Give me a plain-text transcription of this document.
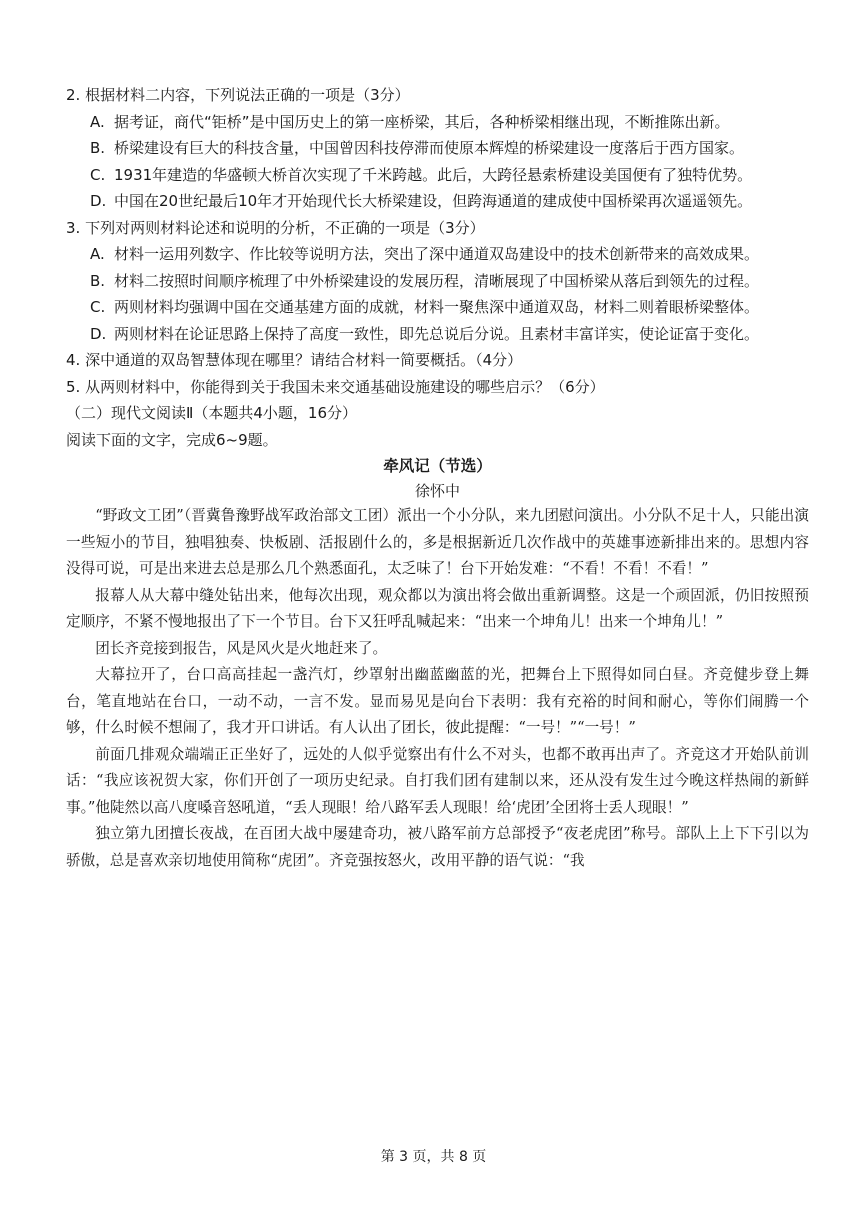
2. 根据材料二内容，下列说法正确的一项是（3分）

A. 据考证，商代“钜桥”是中国历史上的第一座桥梁，其后，各种桥梁相继出现，不断推陈出新。

B. 桥梁建设有巨大的科技含量，中国曾因科技停滞而使原本辉煌的桥梁建设一度落后于西方国家。

C. 1931年建造的华盛顿大桥首次实现了千米跨越。此后，大跨径悬索桥建设美国便有了独特优势。

D. 中国在20世纪最后10年才开始现代长大桥梁建设，但跨海通道的建成使中国桥梁再次遥遥领先。

3. 下列对两则材料论述和说明的分析，不正确的一项是（3分）

A. 材料一运用列数字、作比较等说明方法，突出了深中通道双岛建设中的技术创新带来的高效成果。

B. 材料二按照时间顺序梳理了中外桥梁建设的发展历程，清晰展现了中国桥梁从落后到领先的过程。

C. 两则材料均强调中国在交通基建方面的成就，材料一聚焦深中通道双岛，材料二则着眼桥梁整体。

D. 两则材料在论证思路上保持了高度一致性，即先总说后分说。且素材丰富详实，使论证富于变化。

4. 深中通道的双岛智慧体现在哪里？请结合材料一简要概括。（4分）

5. 从两则材料中，你能得到关于我国未来交通基础设施建设的哪些启示？（6分）

（二）现代文阅读Ⅱ（本题共4小题，16分）

阅读下面的文字，完成6~9题。

牵风记（节选）

徐怀中

“野政文工团”（晋冀鲁豫野战军政治部文工团）派出一个小分队，来九团慰问演出。小分队不足十人，只能出演一些短小的节目，独唱独奏、快板剧、活报剧什么的，多是根据新近几次作战中的英雄事迹新排出来的。思想内容没得可说，可是出来进去总是那么几个熟悉面孔，太乏味了！台下开始发难：“不看！不看！不看！”

报幕人从大幕中缝处钻出来，他每次出现，观众都以为演出将会做出重新调整。这是一个顽固派，仍旧按照预定顺序，不紧不慢地报出了下一个节目。台下又狂呼乱喊起来：“出来一个坤角儿！出来一个坤角儿！”

团长齐竞接到报告，风是风火是火地赶来了。

大幕拉开了，台口高高挂起一盏汽灯，纱罩射出幽蓝幽蓝的光，把舞台上下照得如同白昼。齐竞健步登上舞台，笔直地站在台口，一动不动，一言不发。显而易见是向台下表明：我有充裕的时间和耐心，等你们闹腾一个够，什么时候不想闹了，我才开口讲话。有人认出了团长，彼此提醒：“一号！”“一号！”

前面几排观众端端正正坐好了，远处的人似乎觉察出有什么不对头，也都不敢再出声了。齐竞这才开始队前训话：“我应该祝贺大家，你们开创了一项历史纪录。自打我们团有建制以来，还从没有发生过今晚这样热闹的新鲜事。”他陡然以高八度嗓音怒吼道，“丢人现眼！给八路军丢人现眼！给‘虎团’全团将士丢人现眼！”

独立第九团擅长夜战，在百团大战中屡建奇功，被八路军前方总部授予“夜老虎团”称号。部队上上下下引以为骄傲，总是喜欢亲切地使用简称“虎团”。齐竞强按怒火，改用平静的语气说：“我

第 3 页，共 8 页
